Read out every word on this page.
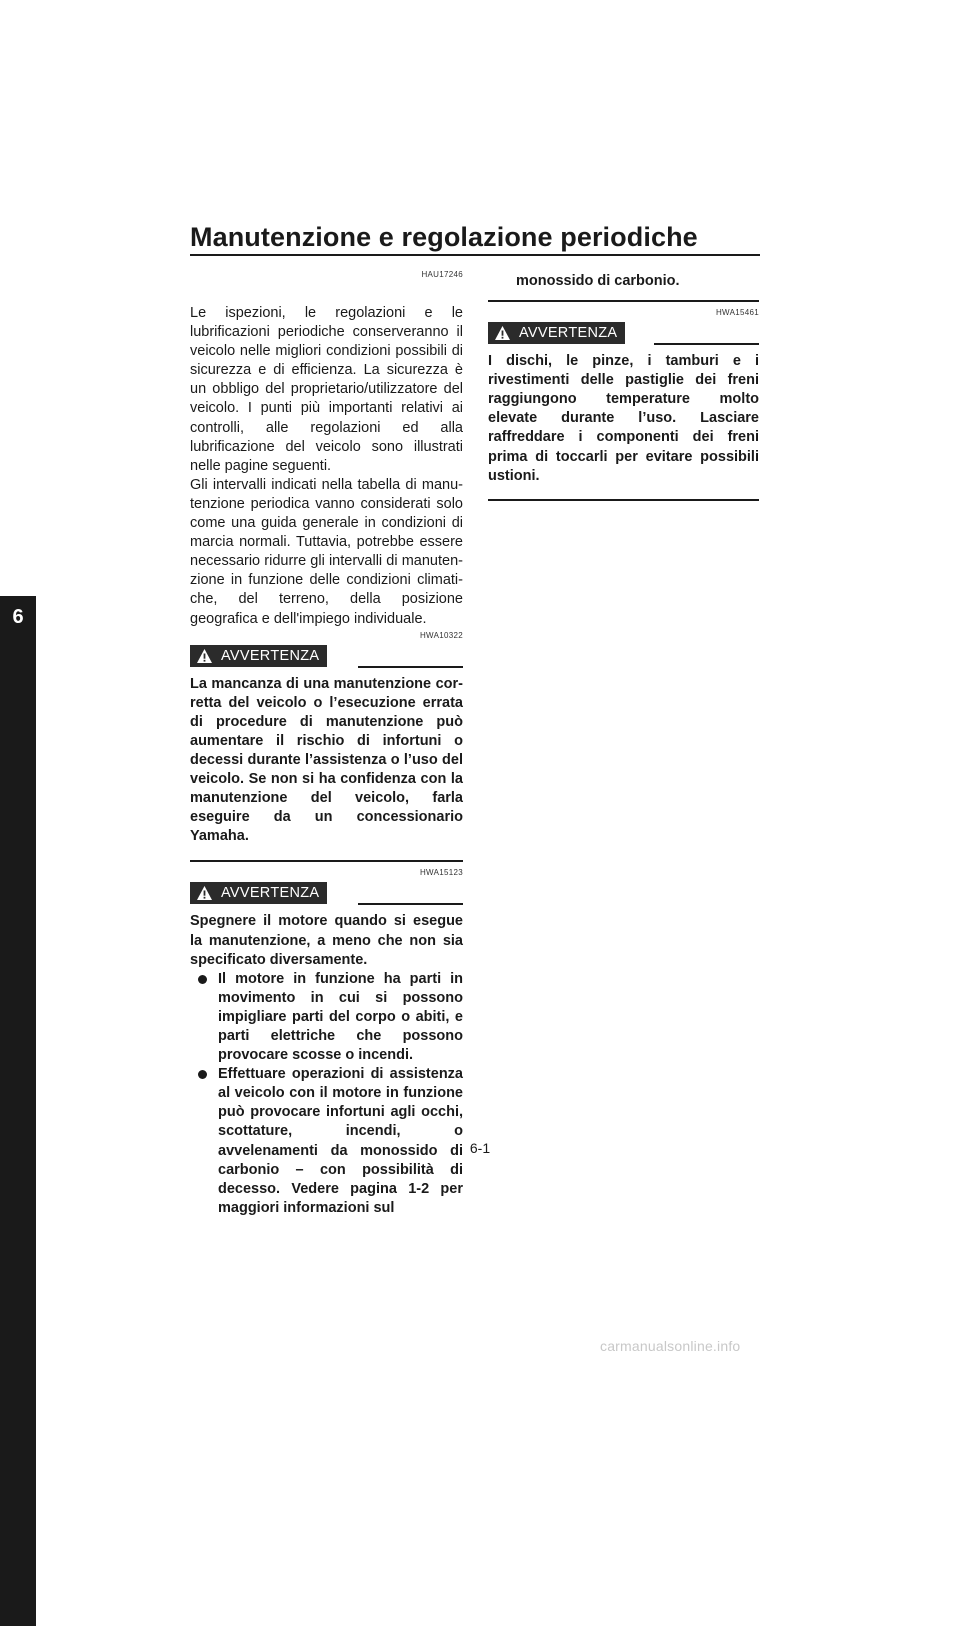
Manutenzione e regolazione periodiche
6
HAU17246

Le ispezioni, le regolazioni e le lubrificazioni periodiche conserveranno il veicolo nelle migliori condizioni possibili di sicurezza e di efficienza. La sicurezza è un obbligo del proprietario/utilizzatore del veicolo. I punti più importanti relativi ai controlli, alle regolazioni ed alla lubrificazione del veicolo sono illustrati nelle pagine seguenti.

Gli intervalli indicati nella tabella di manutenzione periodica vanno considerati solo come una guida generale in condizioni di marcia normali. Tuttavia, potrebbe essere necessario ridurre gli intervalli di manutenzione in funzione delle condizioni climatiche, del terreno, della posizione geografica e dell'impiego individuale.

HWA10322
AVVERTENZA

La mancanza di una manutenzione corretta del veicolo o l’esecuzione errata di procedure di manutenzione può aumentare il rischio di infortuni o decessi durante l’assistenza o l’uso del veicolo. Se non si ha confidenza con la manutenzione del veicolo, farla eseguire da un concessionario Yamaha.

HWA15123
AVVERTENZA

Spegnere il motore quando si esegue la manutenzione, a meno che non sia specificato diversamente.

Il motore in funzione ha parti in movimento in cui si possono impigliare parti del corpo o abiti, e parti elettriche che possono provocare scosse o incendi.
Effettuare operazioni di assistenza al veicolo con il motore in funzione può provocare infortuni agli occhi, scottature, incendi, o avvelenamenti da monossido di carbonio – con possibilità di decesso. Vedere pagina 1-2 per maggiori informazioni sul

monossido di carbonio.

HWA15461
AVVERTENZA

I dischi, le pinze, i tamburi e i rivestimenti delle pastiglie dei freni raggiungono temperature molto elevate durante l’uso. Lasciare raffreddare i componenti dei freni prima di toccarli per evitare possibili ustioni.

6-1
carmanualsonline.info
